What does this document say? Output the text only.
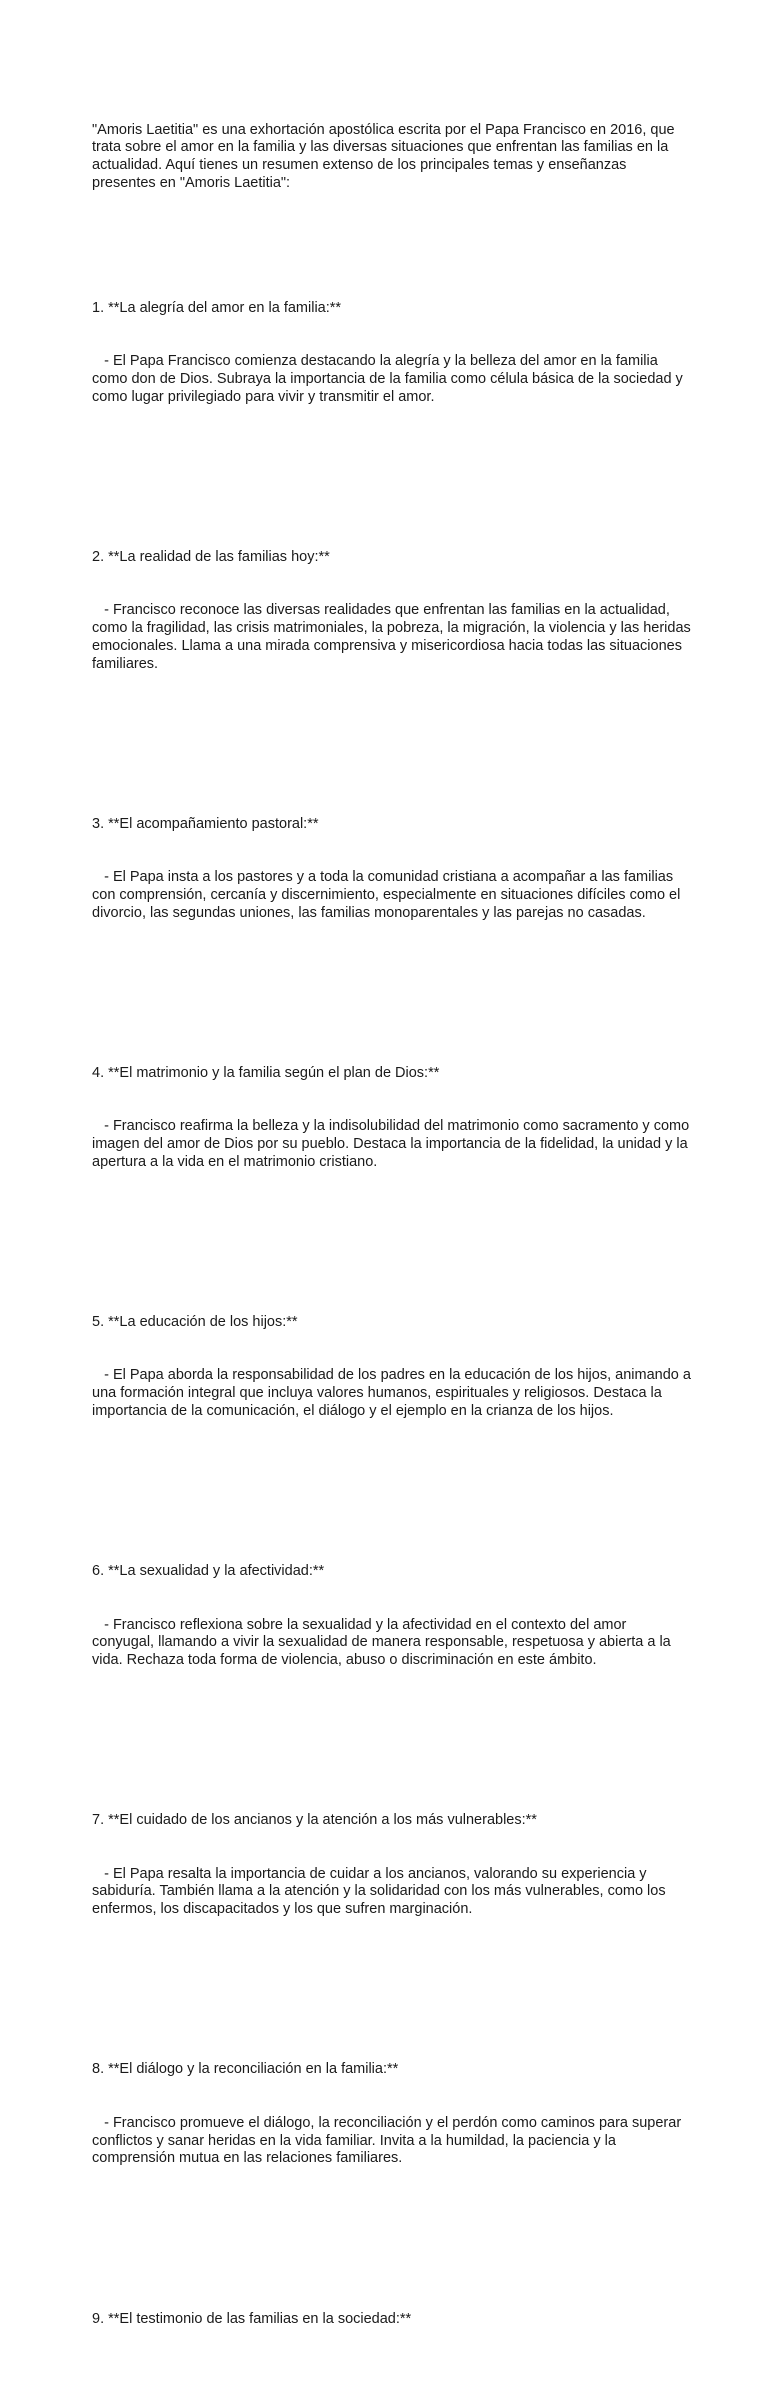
"Amoris Laetitia" es una exhortación apostólica escrita por el Papa Francisco en 2016, que trata sobre el amor en la familia y las diversas situaciones que enfrentan las familias en la actualidad. Aquí tienes un resumen extenso de los principales temas y enseñanzas presentes en "Amoris Laetitia":

1. **La alegría del amor en la familia:**

- El Papa Francisco comienza destacando la alegría y la belleza del amor en la familia como don de Dios. Subraya la importancia de la familia como célula básica de la sociedad y como lugar privilegiado para vivir y transmitir el amor.

2. **La realidad de las familias hoy:**

- Francisco reconoce las diversas realidades que enfrentan las familias en la actualidad, como la fragilidad, las crisis matrimoniales, la pobreza, la migración, la violencia y las heridas emocionales. Llama a una mirada comprensiva y misericordiosa hacia todas las situaciones familiares.

3. **El acompañamiento pastoral:**

- El Papa insta a los pastores y a toda la comunidad cristiana a acompañar a las familias con comprensión, cercanía y discernimiento, especialmente en situaciones difíciles como el divorcio, las segundas uniones, las familias monoparentales y las parejas no casadas.

4. **El matrimonio y la familia según el plan de Dios:**

- Francisco reafirma la belleza y la indisolubilidad del matrimonio como sacramento y como imagen del amor de Dios por su pueblo. Destaca la importancia de la fidelidad, la unidad y la apertura a la vida en el matrimonio cristiano.

5. **La educación de los hijos:**

- El Papa aborda la responsabilidad de los padres en la educación de los hijos, animando a una formación integral que incluya valores humanos, espirituales y religiosos. Destaca la importancia de la comunicación, el diálogo y el ejemplo en la crianza de los hijos.

6. **La sexualidad y la afectividad:**

- Francisco reflexiona sobre la sexualidad y la afectividad en el contexto del amor conyugal, llamando a vivir la sexualidad de manera responsable, respetuosa y abierta a la vida. Rechaza toda forma de violencia, abuso o discriminación en este ámbito.

7. **El cuidado de los ancianos y la atención a los más vulnerables:**

- El Papa resalta la importancia de cuidar a los ancianos, valorando su experiencia y sabiduría. También llama a la atención y la solidaridad con los más vulnerables, como los enfermos, los discapacitados y los que sufren marginación.

8. **El diálogo y la reconciliación en la familia:**

- Francisco promueve el diálogo, la reconciliación y el perdón como caminos para superar conflictos y sanar heridas en la vida familiar. Invita a la humildad, la paciencia y la comprensión mutua en las relaciones familiares.

9. **El testimonio de las familias en la sociedad:**
